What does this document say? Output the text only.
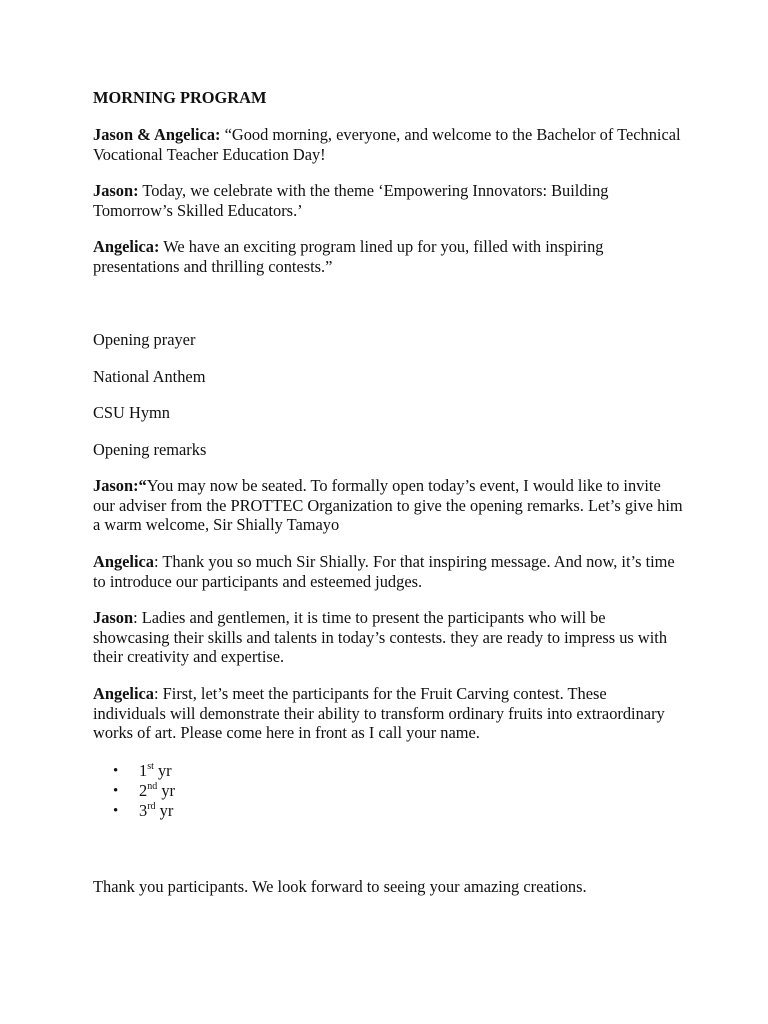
MORNING PROGRAM

Jason & Angelica: “Good morning, everyone, and welcome to the Bachelor of Technical Vocational Teacher Education Day!

Jason: Today, we celebrate with the theme ‘Empowering Innovators: Building Tomorrow’s Skilled Educators.’

Angelica: We have an exciting program lined up for you, filled with inspiring presentations and thrilling contests.”

Opening prayer

National Anthem

CSU Hymn

Opening remarks

Jason:“You may now be seated. To formally open today’s event, I would like to invite our adviser from the PROTTEC Organization to give the opening remarks. Let’s give him a warm welcome, Sir Shially Tamayo

Angelica: Thank you so much Sir Shially. For that inspiring message. And now, it’s time to introduce our participants and esteemed judges.

Jason: Ladies and gentlemen, it is time to present the participants who will be showcasing their skills and talents in today’s contests. they are ready to impress us with their creativity and expertise.

Angelica: First, let’s meet the participants for the Fruit Carving contest. These individuals will demonstrate their ability to transform ordinary fruits into extraordinary works of art. Please come here in front as I call your name.

• 1st yr
• 2nd yr
• 3rd yr

Thank you participants. We look forward to seeing your amazing creations.
